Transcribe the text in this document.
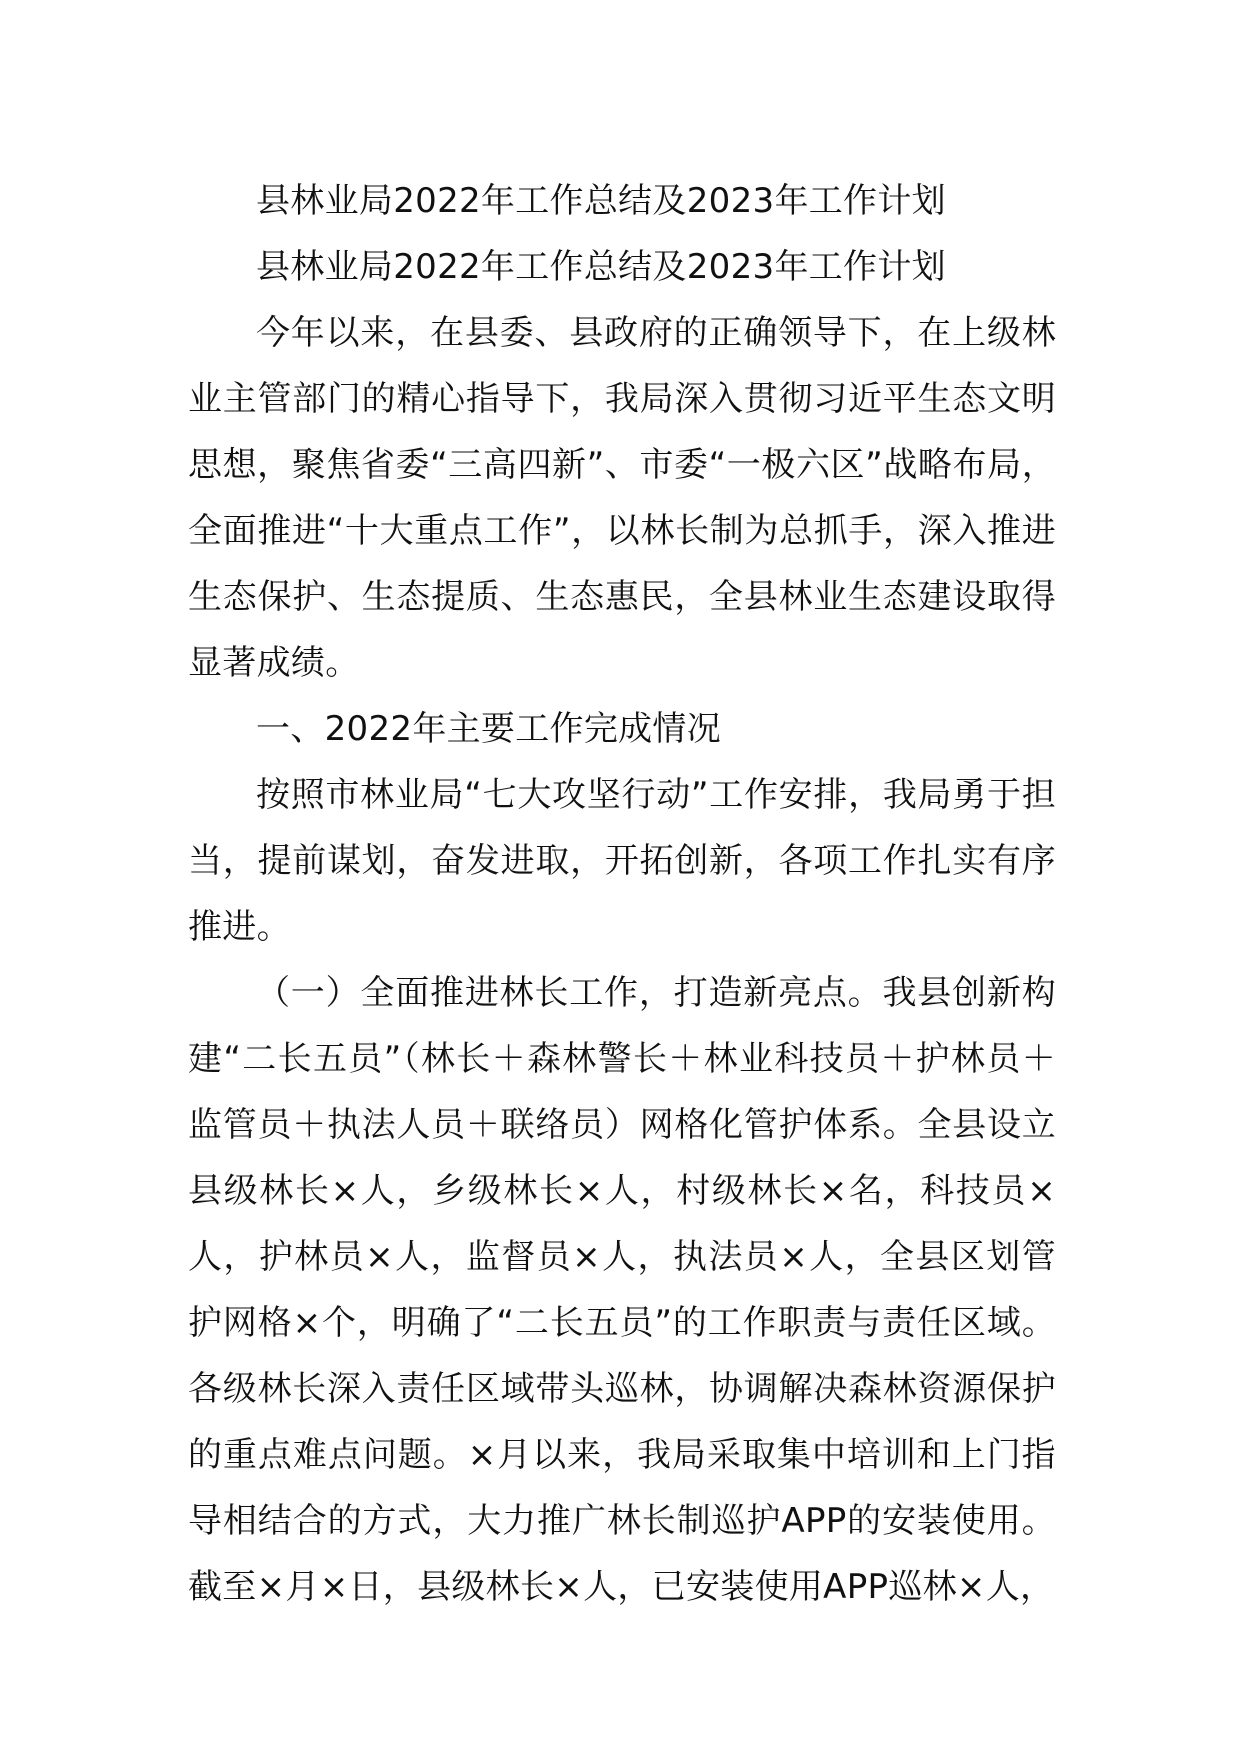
县林业局2022年工作总结及2023年工作计划

县林业局2022年工作总结及2023年工作计划

今年以来，在县委、县政府的正确领导下，在上级林业主管部门的精心指导下，我局深入贯彻习近平生态文明思想，聚焦省委“三高四新”、市委“一极六区”战略布局，全面推进“十大重点工作”，以林长制为总抓手，深入推进生态保护、生态提质、生态惠民，全县林业生态建设取得显著成绩。

一、2022年主要工作完成情况

按照市林业局“七大攻坚行动”工作安排，我局勇于担当，提前谋划，奋发进取，开拓创新，各项工作扎实有序推进。

（一）全面推进林长工作，打造新亮点。我县创新构建“二长五员”（林长＋森林警长＋林业科技员＋护林员＋监管员＋执法人员＋联络员）网格化管护体系。全县设立县级林长×人，乡级林长×人，村级林长×名，科技员×人，护林员×人，监督员×人，执法员×人，全县区划管护网格×个，明确了“二长五员”的工作职责与责任区域。各级林长深入责任区域带头巡林，协调解决森林资源保护的重点难点问题。×月以来，我局采取集中培训和上门指导相结合的方式，大力推广林长制巡护APP的安装使用。截至×月×日，县级林长×人，已安装使用APP巡林×人，
